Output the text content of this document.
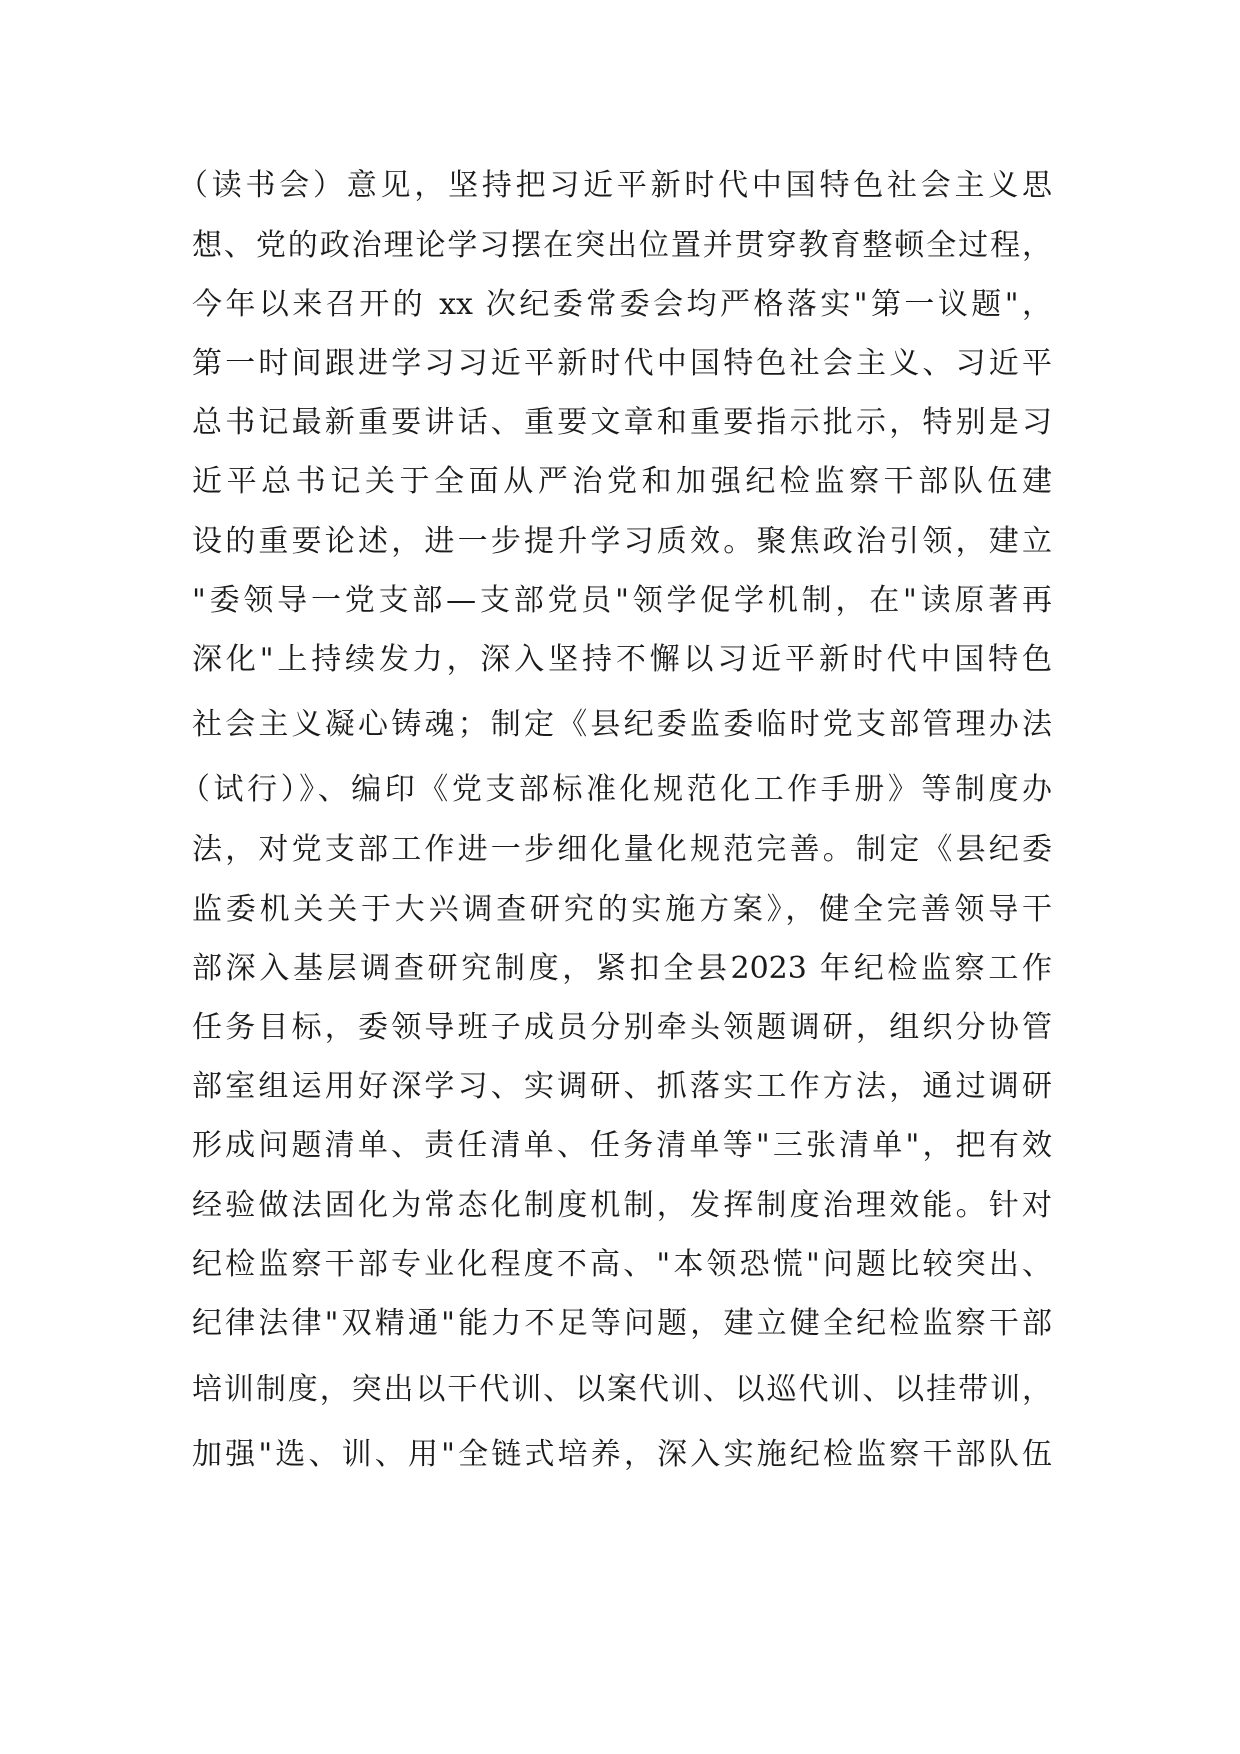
（读书会）意见，坚持把习近平新时代中国特色社会主义思
想、党的政治理论学习摆在突出位置并贯穿教育整顿全过程，
今年以来召开的 xx 次纪委常委会均严格落实"第一议题"，
第一时间跟进学习习近平新时代中国特色社会主义、习近平
总书记最新重要讲话、重要文章和重要指示批示，特别是习
近平总书记关于全面从严治党和加强纪检监察干部队伍建
设的重要论述，进一步提升学习质效。聚焦政治引领，建立
"委领导一党支部—支部党员"领学促学机制，在"读原著再
深化"上持续发力，深入坚持不懈以习近平新时代中国特色
社会主义凝心铸魂；制定《县纪委监委临时党支部管理办法
（试行）》、编印《党支部标准化规范化工作手册》等制度办
法，对党支部工作进一步细化量化规范完善。制定《县纪委
监委机关关于大兴调查研究的实施方案》，健全完善领导干
部深入基层调查研究制度，紧扣全县2023 年纪检监察工作
任务目标，委领导班子成员分别牵头领题调研，组织分协管
部室组运用好深学习、实调研、抓落实工作方法，通过调研
形成问题清单、责任清单、任务清单等"三张清单"，把有效
经验做法固化为常态化制度机制，发挥制度治理效能。针对
纪检监察干部专业化程度不高、"本领恐慌"问题比较突出、
纪律法律"双精通"能力不足等问题，建立健全纪检监察干部
培训制度，突出以干代训、以案代训、以巡代训、以挂带训，
加强"选、训、用"全链式培养，深入实施纪检监察干部队伍
